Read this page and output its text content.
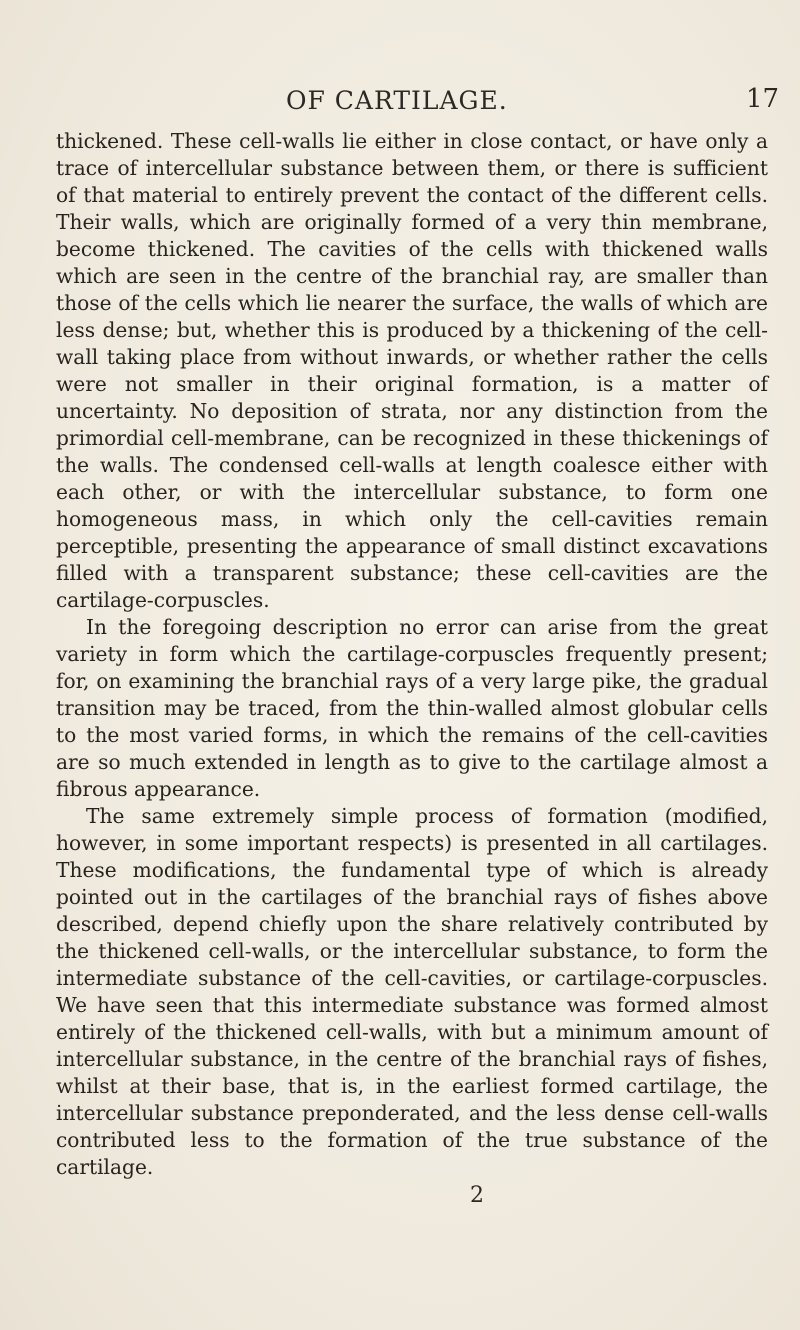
OF CARTILAGE.	17

thickened. These cell-walls lie either in close contact, or have only a trace of intercellular substance between them, or there is sufficient of that material to entirely prevent the contact of the different cells. Their walls, which are originally formed of a very thin membrane, become thickened. The cavities of the cells with thickened walls which are seen in the centre of the branchial ray, are smaller than those of the cells which lie nearer the surface, the walls of which are less dense; but, whether this is produced by a thickening of the cell-wall taking place from without inwards, or whether rather the cells were not smaller in their original formation, is a matter of uncertainty. No deposition of strata, nor any distinction from the primordial cell-membrane, can be recognized in these thickenings of the walls. The condensed cell-walls at length coalesce either with each other, or with the intercellular substance, to form one homogeneous mass, in which only the cell-cavities remain perceptible, presenting the appearance of small distinct excavations filled with a transparent substance; these cell-cavities are the cartilage-corpuscles.

In the foregoing description no error can arise from the great variety in form which the cartilage-corpuscles frequently present; for, on examining the branchial rays of a very large pike, the gradual transition may be traced, from the thin-walled almost globular cells to the most varied forms, in which the remains of the cell-cavities are so much extended in length as to give to the cartilage almost a fibrous appearance.

The same extremely simple process of formation (modified, however, in some important respects) is presented in all cartilages. These modifications, the fundamental type of which is already pointed out in the cartilages of the branchial rays of fishes above described, depend chiefly upon the share relatively contributed by the thickened cell-walls, or the intercellular substance, to form the intermediate substance of the cell-cavities, or cartilage-corpuscles. We have seen that this intermediate substance was formed almost entirely of the thickened cell-walls, with but a minimum amount of intercellular substance, in the centre of the branchial rays of fishes, whilst at their base, that is, in the earliest formed cartilage, the intercellular substance preponderated, and the less dense cell-walls contributed less to the formation of the true substance of the cartilage.

2
